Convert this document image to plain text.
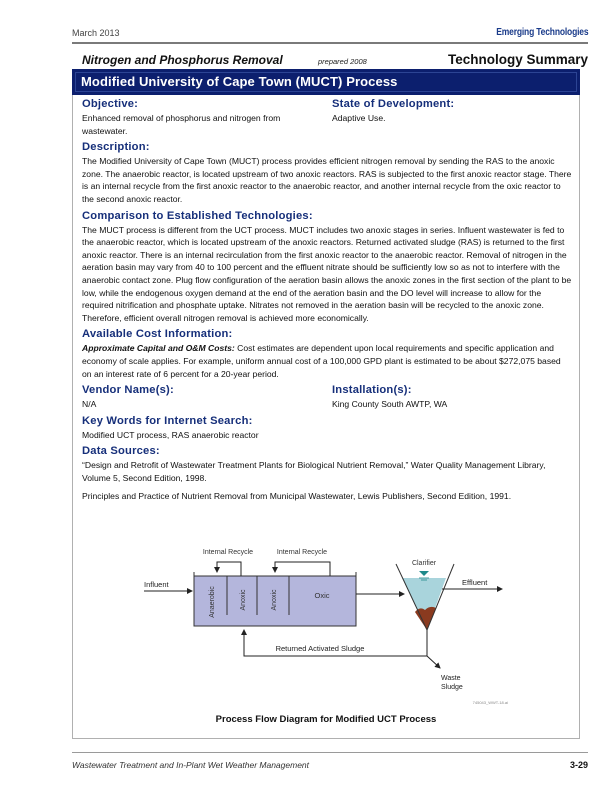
March 2013	Emerging Technologies
Nitrogen and Phosphorus Removal	prepared 2008	Technology Summary
Modified University of Cape Town (MUCT) Process
Objective:

Enhanced removal of phosphorus and nitrogen from wastewater.

State of Development:

Adaptive Use.

Description:

The Modified University of Cape Town (MUCT) process provides efficient nitrogen removal by sending the RAS to the anoxic zone. The anaerobic reactor, is located upstream of two anoxic reactors. RAS is subjected to the first anoxic reactor stage. There is an internal recycle from the first anoxic reactor to the anaerobic reactor, and another internal recycle from the oxic reactor to the second anoxic reactor.

Comparison to Established Technologies:

The MUCT process is different from the UCT process. MUCT includes two anoxic stages in series. Influent wastewater is fed to the anaerobic reactor, which is located upstream of the anoxic reactors. Returned activated sludge (RAS) is returned to the first anoxic reactor. There is an internal recirculation from the first anoxic reactor to the anaerobic reactor. Removal of nitrogen in the aeration basin may vary from 40 to 100 percent and the effluent nitrate should be sufficiently low so as not to interfere with the anaerobic contact zone. Plug flow configuration of the aeration basin allows the anoxic zones in the first section of the plant to be low, while the endogenous oxygen demand at the end of the aeration basin and the DO level will increase to allow for the required nitrification and phosphate uptake. Nitrates not removed in the aeration basin will be recycled to the anoxic zone. Therefore, efficient overall nitrogen removal is achieved more economically.

Available Cost Information:

Approximate Capital and O&M Costs: Cost estimates are dependent upon local requirements and specific application and economy of scale applies. For example, uniform annual cost of a 100,000 GPD plant is estimated to be about $272,075 based on an interest rate of 6 percent for a 20-year period.

Vendor Name(s):

N/A

Installation(s):

King County South AWTP, WA

Key Words for Internet Search:

Modified UCT process, RAS anaerobic reactor

Data Sources:

“Design and Retrofit of Wastewater Treatment Plants for Biological Nutrient Removal,” Water Quality Management Library, Volume 5, Second Edition, 1998.

Principles and Practice of Nutrient Removal from Municipal Wastewater, Lewis Publishers, Second Edition, 1991.

Influent
Anaerobic	Anoxic	Anoxic	Oxic
Internal Recycle	Internal Recycle
Clarifier
Effluent
Returned Activated Sludge
Waste
Sludge
745043_WWT-18.ai
Process Flow Diagram for Modified UCT Process
Wastewater Treatment and In-Plant Wet Weather Management	3-29
